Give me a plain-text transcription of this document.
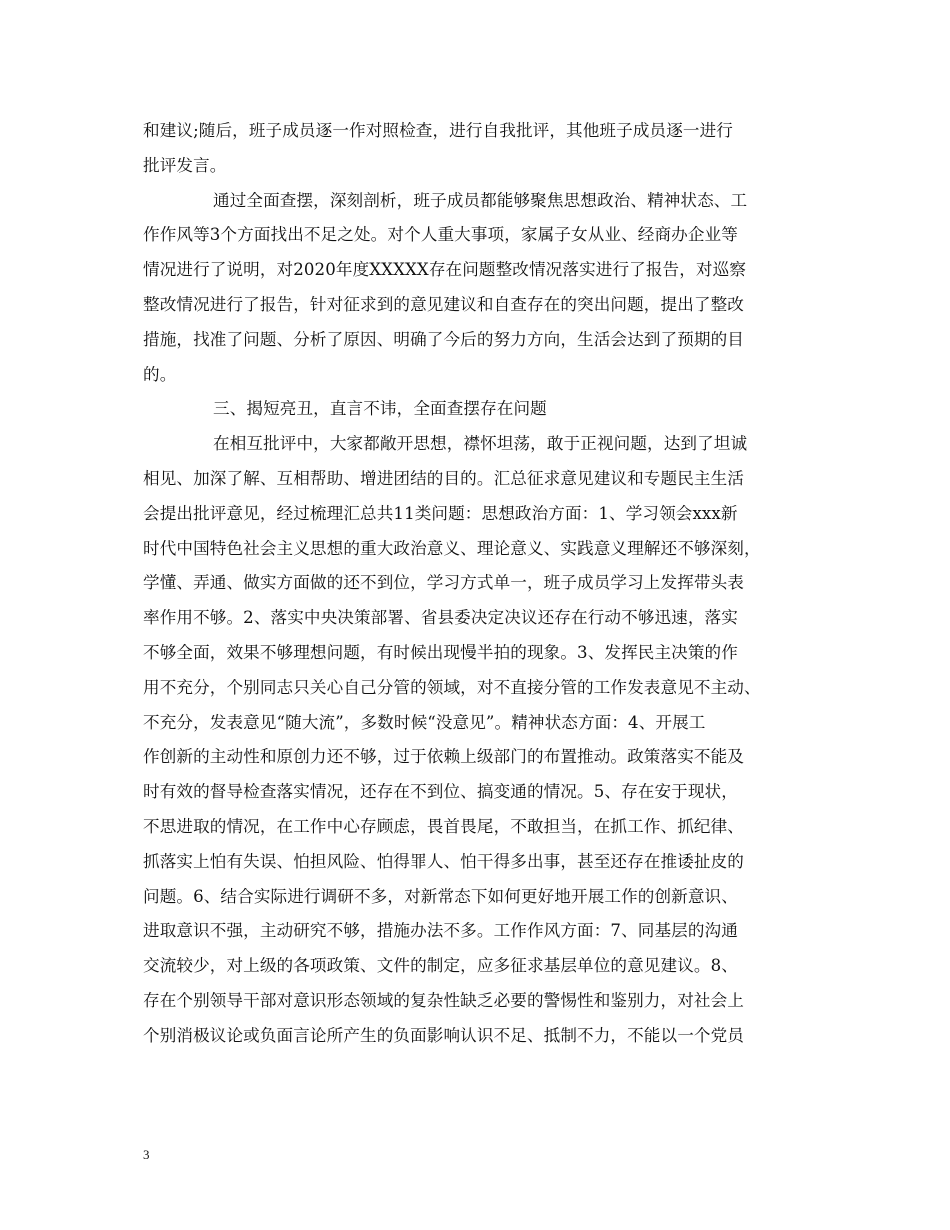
和建议;随后，班子成员逐一作对照检查，进行自我批评，其他班子成员逐一进行
批评发言。
通过全面查摆，深刻剖析，班子成员都能够聚焦思想政治、精神状态、工
作作风等3个方面找出不足之处。对个人重大事项，家属子女从业、经商办企业等
情况进行了说明，对2020年度XXXXX存在问题整改情况落实进行了报告，对巡察
整改情况进行了报告，针对征求到的意见建议和自查存在的突出问题，提出了整改
措施，找准了问题、分析了原因、明确了今后的努力方向，生活会达到了预期的目
的。
三、揭短亮丑，直言不讳，全面查摆存在问题
在相互批评中，大家都敞开思想，襟怀坦荡，敢于正视问题，达到了坦诚
相见、加深了解、互相帮助、增进团结的目的。汇总征求意见建议和专题民主生活
会提出批评意见，经过梳理汇总共11类问题：思想政治方面：1、学习领会xxx新
时代中国特色社会主义思想的重大政治意义、理论意义、实践意义理解还不够深刻，
学懂、弄通、做实方面做的还不到位，学习方式单一，班子成员学习上发挥带头表
率作用不够。2、落实中央决策部署、省县委决定决议还存在行动不够迅速，落实
不够全面，效果不够理想问题，有时候出现慢半拍的现象。3、发挥民主决策的作
用不充分，个别同志只关心自己分管的领域，对不直接分管的工作发表意见不主动、
不充分，发表意见“随大流”，多数时候“没意见”。精神状态方面：4、开展工
作创新的主动性和原创力还不够，过于依赖上级部门的布置推动。政策落实不能及
时有效的督导检查落实情况，还存在不到位、搞变通的情况。5、存在安于现状，
不思进取的情况，在工作中心存顾虑，畏首畏尾，不敢担当，在抓工作、抓纪律、
抓落实上怕有失误、怕担风险、怕得罪人、怕干得多出事，甚至还存在推诿扯皮的
问题。6、结合实际进行调研不多，对新常态下如何更好地开展工作的创新意识、
进取意识不强，主动研究不够，措施办法不多。工作作风方面：7、同基层的沟通
交流较少，对上级的各项政策、文件的制定，应多征求基层单位的意见建议。8、
存在个别领导干部对意识形态领域的复杂性缺乏必要的警惕性和鉴别力，对社会上
个别消极议论或负面言论所产生的负面影响认识不足、抵制不力，不能以一个党员
3
